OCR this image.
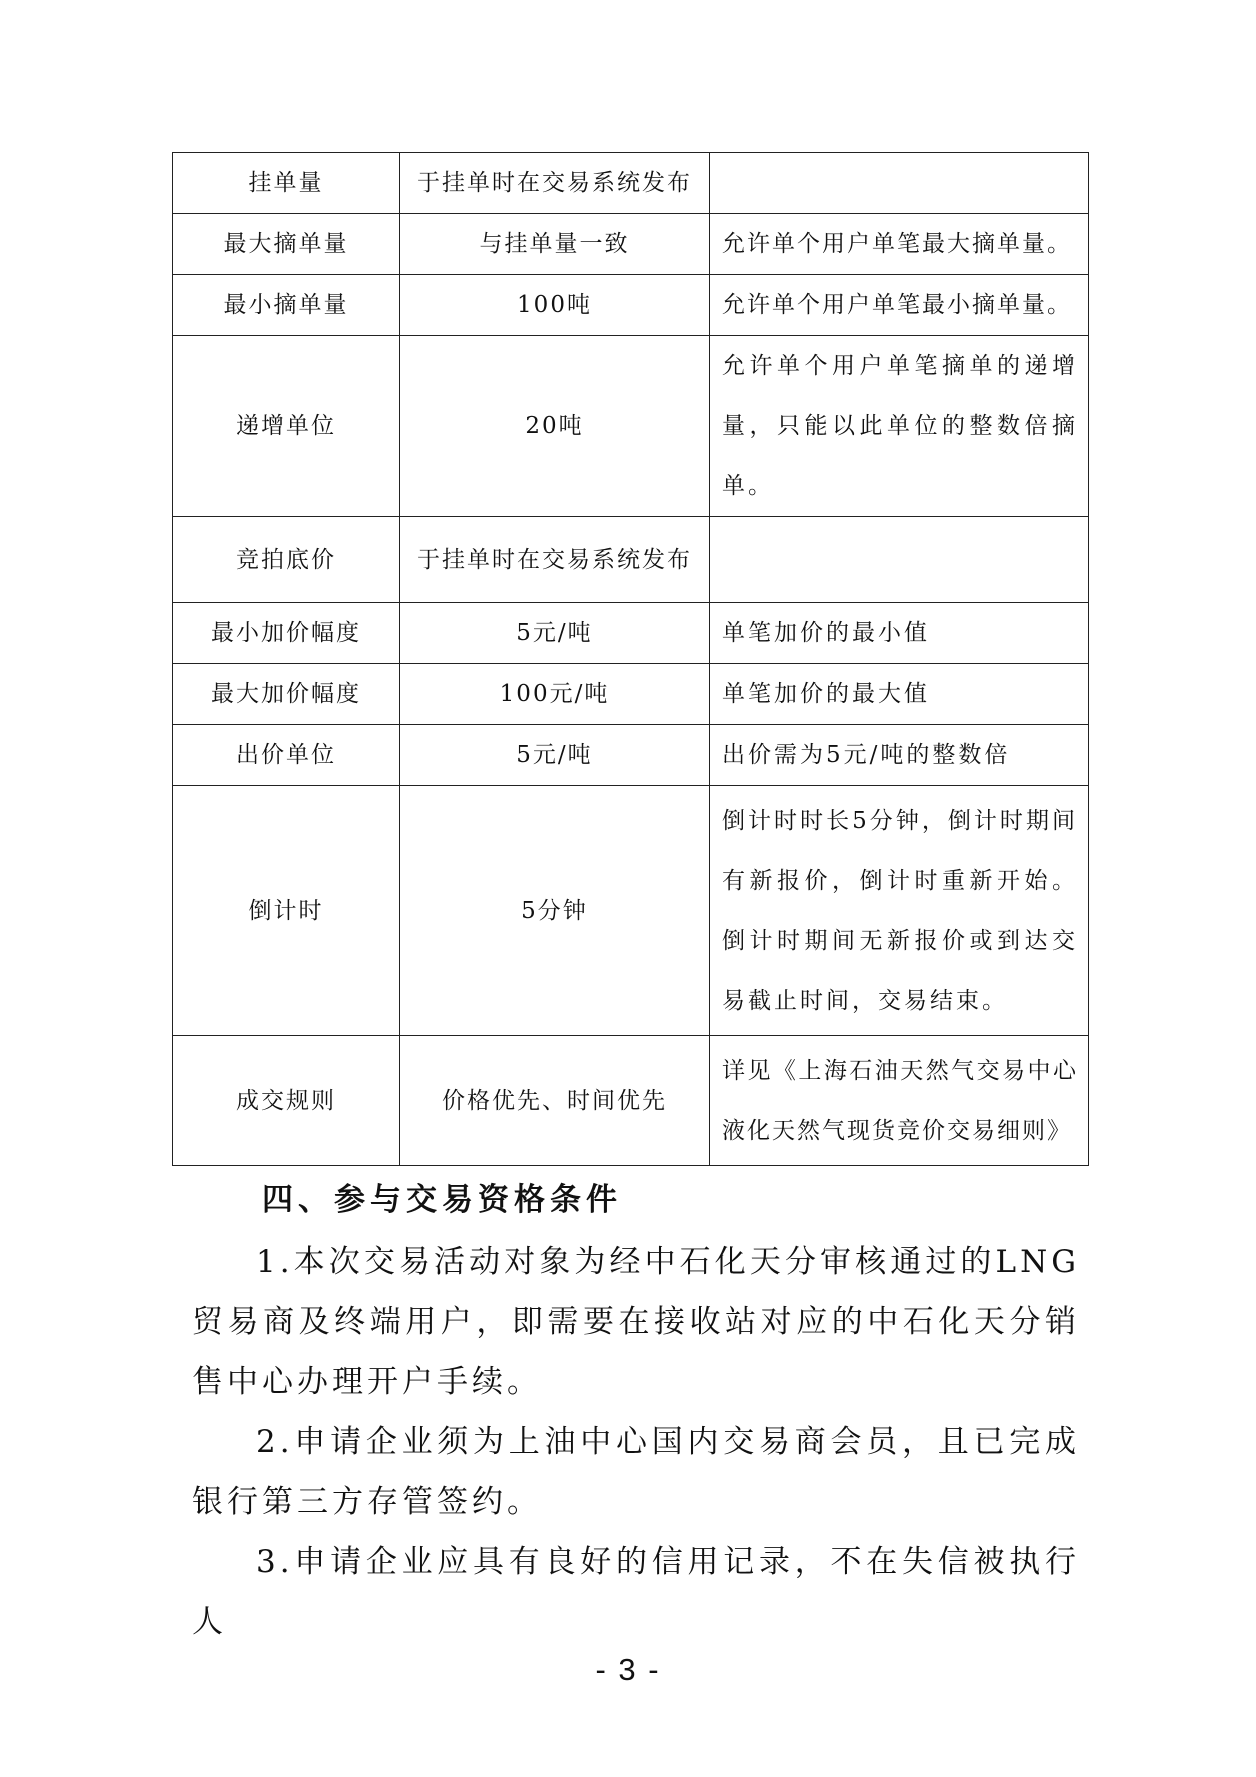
挂单量	于挂单时在交易系统发布	
最大摘单量	与挂单量一致	允许单个用户单笔最大摘单量。
最小摘单量	100吨	允许单个用户单笔最小摘单量。
递增单位	20吨	允许单个用户单笔摘单的递增量，只能以此单位的整数倍摘单。
竞拍底价	于挂单时在交易系统发布	
最小加价幅度	5元/吨	单笔加价的最小值
最大加价幅度	100元/吨	单笔加价的最大值
出价单位	5元/吨	出价需为5元/吨的整数倍
倒计时	5分钟	倒计时时长5分钟，倒计时期间有新报价，倒计时重新开始。倒计时期间无新报价或到达交易截止时间，交易结束。
成交规则	价格优先、时间优先	详见《上海石油天然气交易中心液化天然气现货竞价交易细则》
四、参与交易资格条件
1.本次交易活动对象为经中石化天分审核通过的LNG贸易商及终端用户，即需要在接收站对应的中石化天分销售中心办理开户手续。
2.申请企业须为上油中心国内交易商会员，且已完成银行第三方存管签约。
3.申请企业应具有良好的信用记录，不在失信被执行人
- 3 -
